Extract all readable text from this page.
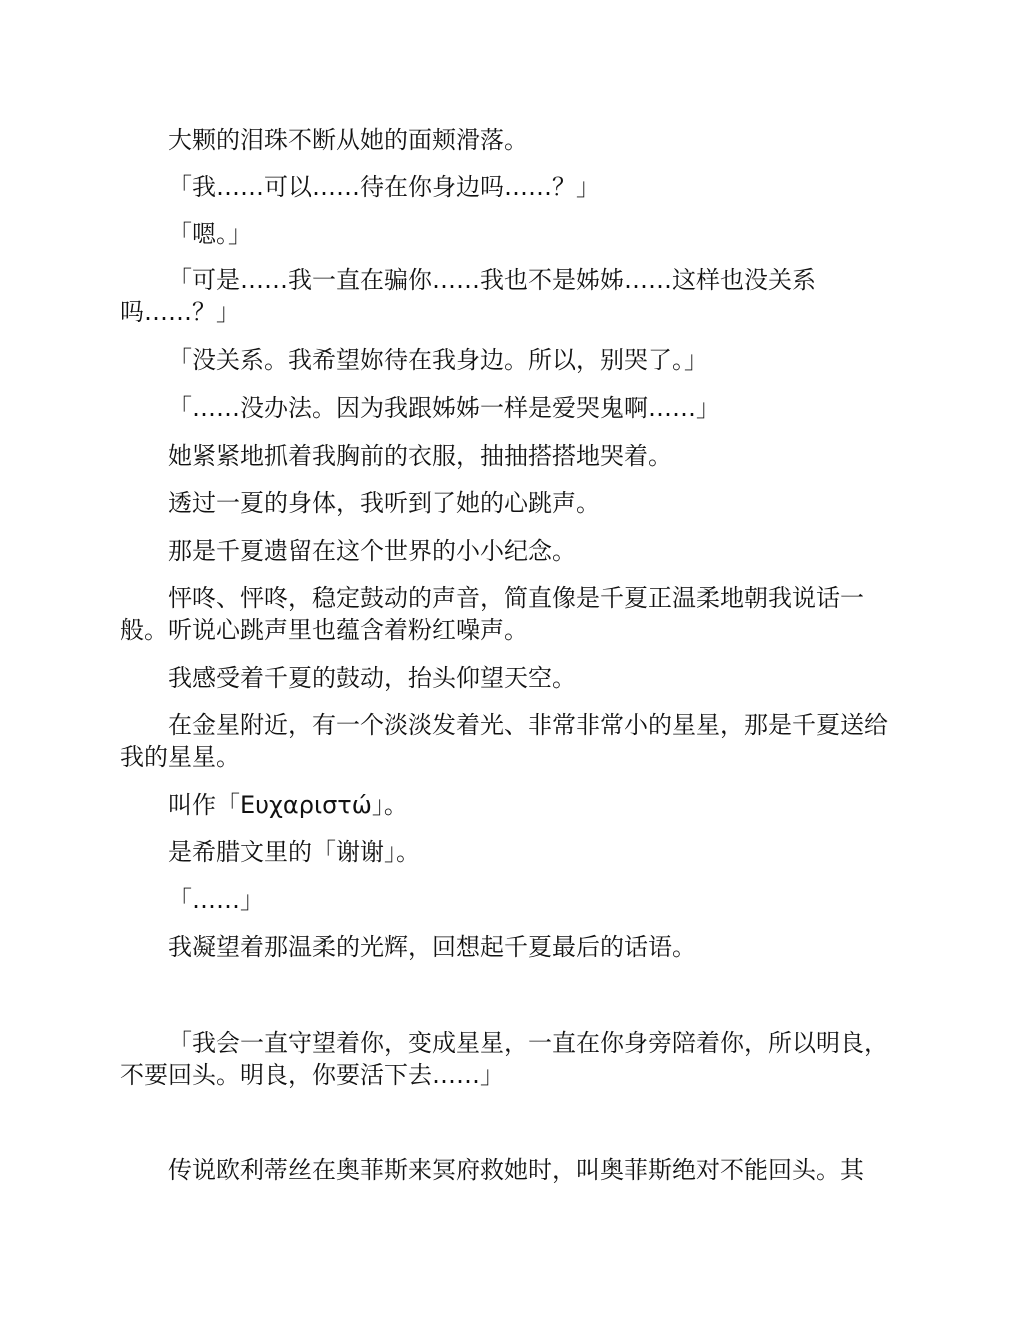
大颗的泪珠不断从她的面颊滑落。

「我……可以……待在你身边吗……？」

「嗯。」

「可是……我一直在骗你……我也不是姊姊……这样也没关系吗……？」

「没关系。我希望妳待在我身边。所以，别哭了。」

「……没办法。因为我跟姊姊一样是爱哭鬼啊……」

她紧紧地抓着我胸前的衣服，抽抽搭搭地哭着。

透过一夏的身体，我听到了她的心跳声。

那是千夏遗留在这个世界的小小纪念。

怦咚、怦咚，稳定鼓动的声音，简直像是千夏正温柔地朝我说话一般。听说心跳声里也蕴含着粉红噪声。

我感受着千夏的鼓动，抬头仰望天空。

在金星附近，有一个淡淡发着光、非常非常小的星星，那是千夏送给我的星星。

叫作「Ευχαριστώ」。

是希腊文里的「谢谢」。

「……」

我凝望着那温柔的光辉，回想起千夏最后的话语。

「我会一直守望着你，变成星星，一直在你身旁陪着你，所以明良，不要回头。明良，你要活下去……」

传说欧利蒂丝在奥菲斯来冥府救她时，叫奥菲斯绝对不能回头。其
